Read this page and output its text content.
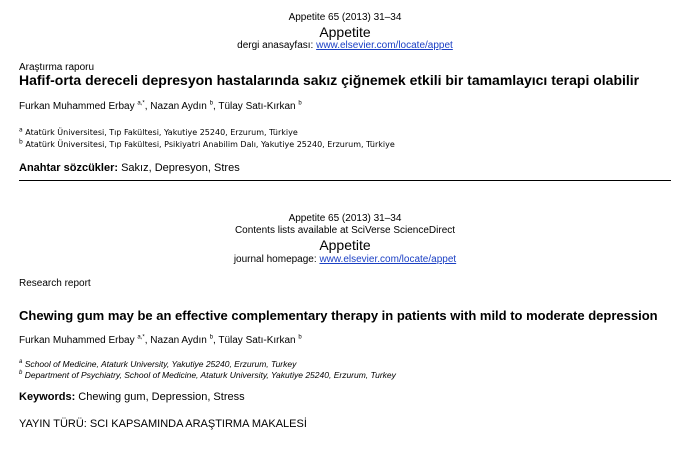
Appetite 65 (2013) 31–34
Appetite
dergi anasayfası: www.elsevier.com/locate/appet
Araştırma raporu
Hafif-orta dereceli depresyon hastalarında sakız çiğnemek etkili bir tamamlayıcı terapi olabilir
Furkan Muhammed Erbay $^{a,*}$, Nazan Aydın $^b$, Tülay Satı-Kırkan $^b$
$^a$ Atatürk Üniversitesi, Tıp Fakültesi, Yakutiye 25240, Erzurum, Türkiye
$^b$ Atatürk Üniversitesi, Tıp Fakültesi, Psikiyatri Anabilim Dalı, Yakutiye 25240, Erzurum, Türkiye
Anahtar sözcükler: Sakız, Depresyon, Stres
Appetite 65 (2013) 31–34
Contents lists available at SciVerse ScienceDirect
Appetite
journal homepage: www.elsevier.com/locate/appet
Research report
Chewing gum may be an effective complementary therapy in patients with mild to moderate depression
Furkan Muhammed Erbay $^{a,*}$, Nazan Aydın $^b$, Tülay Satı-Kırkan $^b$
$^a$ School of Medicine, Ataturk University, Yakutiye 25240, Erzurum, Turkey
$^b$ Department of Psychiatry, School of Medicine, Ataturk University, Yakutiye 25240, Erzurum, Turkey
Keywords: Chewing gum, Depression, Stress
YAYIN TÜRÜ: SCI KAPSAMINDA ARAŞTIRMA MAKALESİ
